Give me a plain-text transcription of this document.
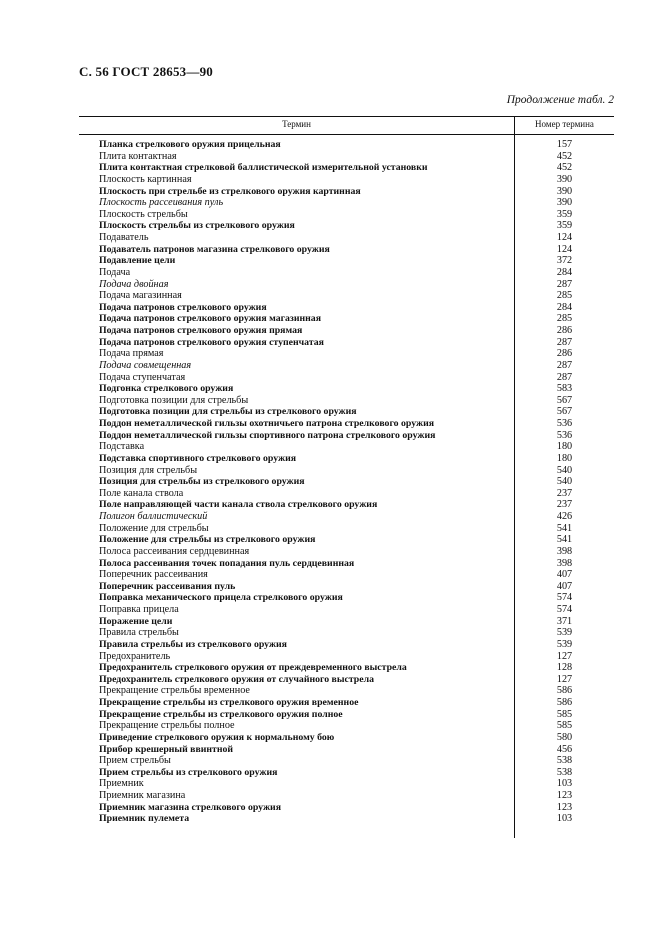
С. 56 ГОСТ 28653—90
Продолжение табл. 2
Термин	Номер термина
Планка стрелкового оружия прицельная	157
Плита контактная	452
Плита контактная стрелковой баллистической измерительной установки	452
Плоскость картинная	390
Плоскость при стрельбе из стрелкового оружия картинная	390
Плоскость рассеивания пуль	390
Плоскость стрельбы	359
Плоскость стрельбы из стрелкового оружия	359
Подаватель	124
Подаватель патронов магазина стрелкового оружия	124
Подавление цели	372
Подача	284
Подача двойная	287
Подача магазинная	285
Подача патронов стрелкового оружия	284
Подача патронов стрелкового оружия магазинная	285
Подача патронов стрелкового оружия прямая	286
Подача патронов стрелкового оружия ступенчатая	287
Подача прямая	286
Подача совмещенная	287
Подача ступенчатая	287
Подгонка стрелкового оружия	583
Подготовка позиции для стрельбы	567
Подготовка позиции для стрельбы из стрелкового оружия	567
Поддон неметаллической гильзы охотничьего патрона стрелкового оружия	536
Поддон неметаллической гильзы спортивного патрона стрелкового оружия	536
Подставка	180
Подставка спортивного стрелкового оружия	180
Позиция для стрельбы	540
Позиция для стрельбы из стрелкового оружия	540
Поле канала ствола	237
Поле направляющей части канала ствола стрелкового оружия	237
Полигон баллистический	426
Положение для стрельбы	541
Положение для стрельбы из стрелкового оружия	541
Полоса рассеивания сердцевинная	398
Полоса рассеивания точек попадания пуль сердцевинная	398
Поперечник рассеивания	407
Поперечник рассеивания пуль	407
Поправка механического прицела стрелкового оружия	574
Поправка прицела	574
Поражение цели	371
Правила стрельбы	539
Правила стрельбы из стрелкового оружия	539
Предохранитель	127
Предохранитель стрелкового оружия от преждевременного выстрела	128
Предохранитель стрелкового оружия от случайного выстрела	127
Прекращение стрельбы временное	586
Прекращение стрельбы из стрелкового оружия временное	586
Прекращение стрельбы из стрелкового оружия полное	585
Прекращение стрельбы полное	585
Приведение стрелкового оружия к нормальному бою	580
Прибор крешерный ввинтной	456
Прием стрельбы	538
Прием стрельбы из стрелкового оружия	538
Приемник	103
Приемник магазина	123
Приемник магазина стрелкового оружия	123
Приемник пулемета	103
